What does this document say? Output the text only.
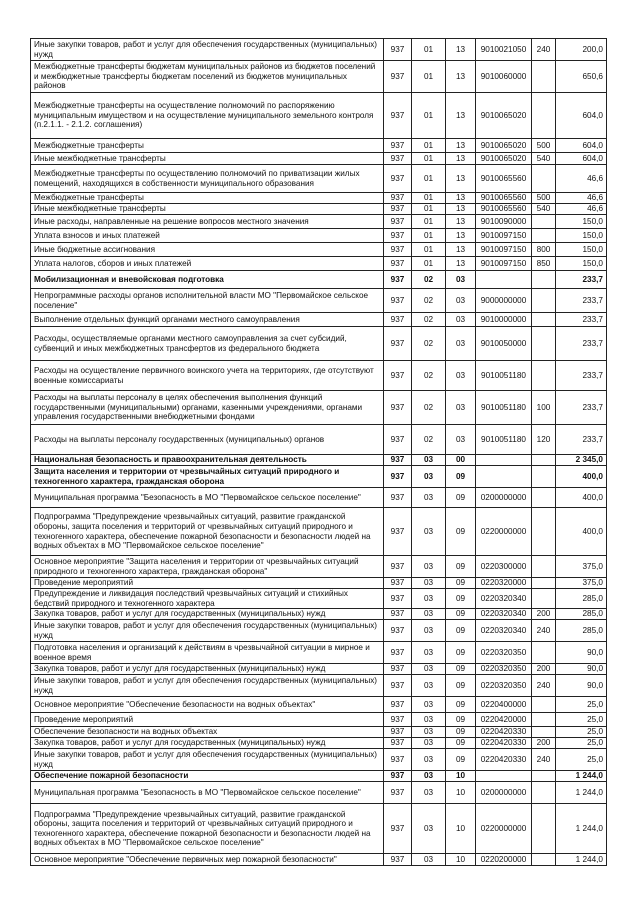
Иные закупки товаров, работ и услуг для обеспечения государственных (муниципальных) нужд	937	01	13	9010021050	240	200,0
Межбюджетные трансферты бюджетам муниципальных районов из бюджетов поселений и межбюджетные трансферты бюджетам поселений из бюджетов муниципальных районов	937	01	13	9010060000		650,6
Межбюджетные трансферты на осуществление полномочий по распоряжению муниципальным имуществом и на осуществление муниципального земельного контроля (п.2.1.1. - 2.1.2. соглашения)	937	01	13	9010065020		604,0
Межбюджетные трансферты	937	01	13	9010065020	500	604,0
Иные межбюджетные трансферты	937	01	13	9010065020	540	604,0
Межбюджетные трансферты по осуществлению полномочий по приватизации жилых помещений, находящихся в собственности муниципального образования	937	01	13	9010065560		46,6
Межбюджетные трансферты	937	01	13	9010065560	500	46,6
Иные межбюджетные трансферты	937	01	13	9010065560	540	46,6
Иные расходы, направленные на решение вопросов местного значения	937	01	13	9010090000		150,0
Уплата взносов и иных платежей	937	01	13	9010097150		150,0
Иные бюджетные ассигнования	937	01	13	9010097150	800	150,0
Уплата налогов, сборов и иных платежей	937	01	13	9010097150	850	150,0
Мобилизационная и вневойсковая подготовка	937	02	03			233,7
Непрограммные расходы органов исполнительной власти МО "Первомайское сельское поселение"	937	02	03	9000000000		233,7
Выполнение отдельных функций органами местного самоуправления	937	02	03	9010000000		233,7
Расходы, осуществляемые органами местного самоуправления за счет субсидий, субвенций и иных межбюджетных трансфертов из федерального бюджета	937	02	03	9010050000		233,7
Расходы на осуществление первичного воинского учета на территориях, где отсутствуют военные комиссариаты	937	02	03	9010051180		233,7
Расходы на выплаты персоналу в целях обеспечения выполнения функций государственными (муниципальными) органами, казенными учреждениями, органами управления государственными внебюджетными фондами	937	02	03	9010051180	100	233,7
Расходы на выплаты персоналу государственных (муниципальных) органов	937	02	03	9010051180	120	233,7
Национальная безопасность и правоохранительная деятельность	937	03	00			2 345,0
Защита населения и территории от чрезвычайных ситуаций природного и техногенного характера, гражданская оборона	937	03	09			400,0
Муниципальная программа "Безопасность в МО "Первомайское сельское поселение"	937	03	09	0200000000		400,0
Подпрограмма "Предупреждение чрезвычайных ситуаций, развитие гражданской обороны, защита поселения и территорий от чрезвычайных ситуаций природного и техногенного характера, обеспечение пожарной безопасности и безопасности людей на водных объектах в МО "Первомайское сельское поселение"	937	03	09	0220000000		400,0
Основное мероприятие "Защита населения и территории от чрезвычайных ситуаций природного и техногенного характера, гражданская оборона"	937	03	09	0220300000		375,0
Проведение мероприятий	937	03	09	0220320000		375,0
Предупреждение и ликвидация последствий чрезвычайных ситуаций и стихийных бедствий природного и техногенного характера	937	03	09	0220320340		285,0
Закупка товаров, работ и услуг для государственных (муниципальных) нужд	937	03	09	0220320340	200	285,0
Иные закупки товаров, работ и услуг для обеспечения государственных (муниципальных) нужд	937	03	09	0220320340	240	285,0
Подготовка населения и организаций к действиям в чрезвычайной ситуации в мирное и военное время	937	03	09	0220320350		90,0
Закупка товаров, работ и услуг для государственных (муниципальных) нужд	937	03	09	0220320350	200	90,0
Иные закупки товаров, работ и услуг для обеспечения государственных (муниципальных) нужд	937	03	09	0220320350	240	90,0
Основное мероприятие "Обеспечение безопасности на водных объектах"	937	03	09	0220400000		25,0
Проведение мероприятий	937	03	09	0220420000		25,0
Обеспечение безопасности на водных объектах	937	03	09	0220420330		25,0
Закупка товаров, работ и услуг для государственных (муниципальных) нужд	937	03	09	0220420330	200	25,0
Иные закупки товаров, работ и услуг для обеспечения государственных (муниципальных) нужд	937	03	09	0220420330	240	25,0
Обеспечение пожарной безопасности	937	03	10			1 244,0
Муниципальная программа "Безопасность в МО "Первомайское сельское поселение"	937	03	10	0200000000		1 244,0
Подпрограмма "Предупреждение чрезвычайных ситуаций, развитие гражданской обороны, защита поселения и территорий от чрезвычайных ситуаций природного и техногенного характера, обеспечение пожарной безопасности и безопасности людей на водных объектах в МО "Первомайское сельское поселение"	937	03	10	0220000000		1 244,0
Основное мероприятие "Обеспечение первичных мер пожарной безопасности"	937	03	10	0220200000		1 244,0
